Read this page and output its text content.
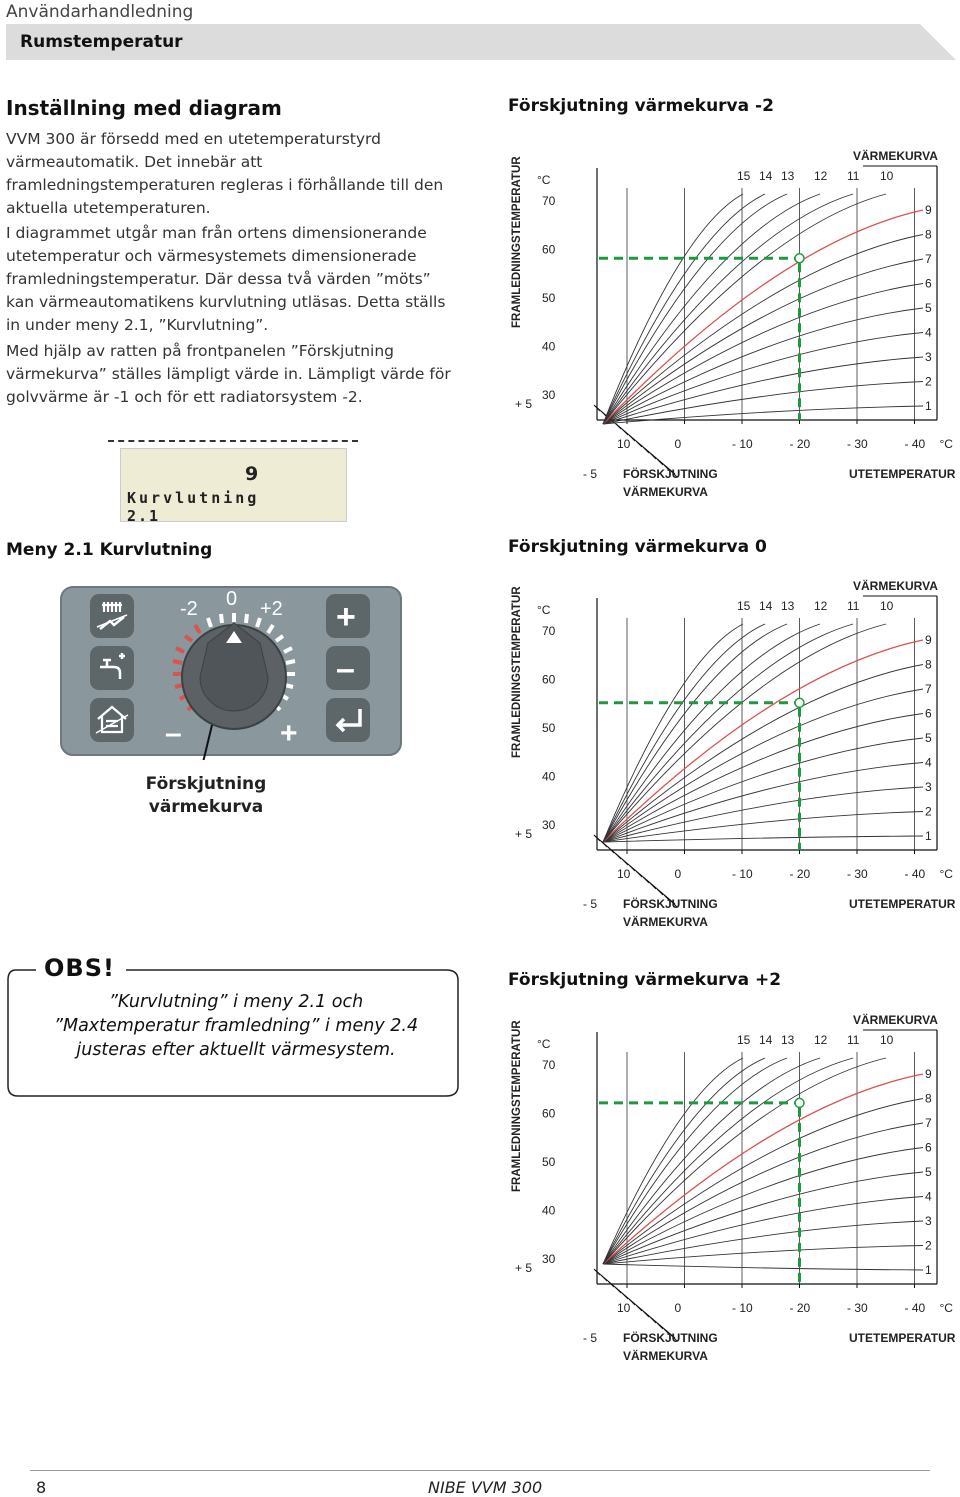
Användarhandledning
Rumstemperatur
Inställning med diagram
VVM 300 är försedd med en utetemperaturstyrd värmeautomatik. Det innebär att framledningstemperaturen regleras i förhållande till den aktuella utetemperaturen.
I diagrammet utgår man från ortens dimensionerande utetemperatur och värmesystemets dimensionerade framledningstemperatur. Där dessa två värden ”möts” kan värmeautomatikens kurvlutning utläsas. Detta ställs in under meny 2.1, ”Kurvlutning”.
Med hjälp av ratten på frontpanelen ”Förskjutning värmekurva” ställes lämpligt värde in. Lämpligt värde för golvvärme är -1 och för ett radiatorsystem -2.
9
Kurvlutning
2.1
Meny 2.1 Kurvlutning
-2 0 +2
–	+
+
–
Förskjutning
värmekurva
OBS!
”Kurvlutning” i meny 2.1 och ”Maxtemperatur framledning” i meny 2.4 justeras efter aktuellt värmesystem.
Förskjutning värmekurva -2
Förskjutning värmekurva 0
Förskjutning värmekurva +2
70
60
50
40
30
°C
FRAMLEDNINGSTEMPERATUR
VÄRMEKURVA
+ 5
- 5 FÖRSKJUTNING
VÄRMEKURVA
UTETEMPERATUR
10	0	- 10	- 20	- 30	- 40 °C
1
2
3
4
5
6
7
8
9
10
11
12
13
14
15
70
60
50
40
30
°C
FRAMLEDNINGSTEMPERATUR
VÄRMEKURVA
+ 5
- 5 FÖRSKJUTNING
VÄRMEKURVA
UTETEMPERATUR
10	0	- 10	- 20	- 30	- 40 °C
1
2
3
4
5
6
7
8
9
10
11
12
13
14
15
70
60
50
40
30
°C
FRAMLEDNINGSTEMPERATUR
VÄRMEKURVA
+ 5
- 5 FÖRSKJUTNING
VÄRMEKURVA
UTETEMPERATUR
10	0	- 10	- 20	- 30	- 40 °C
1
2
3
4
5
6
7
8
9
10
11
12
13
14
15
8	NIBE VVM 300
